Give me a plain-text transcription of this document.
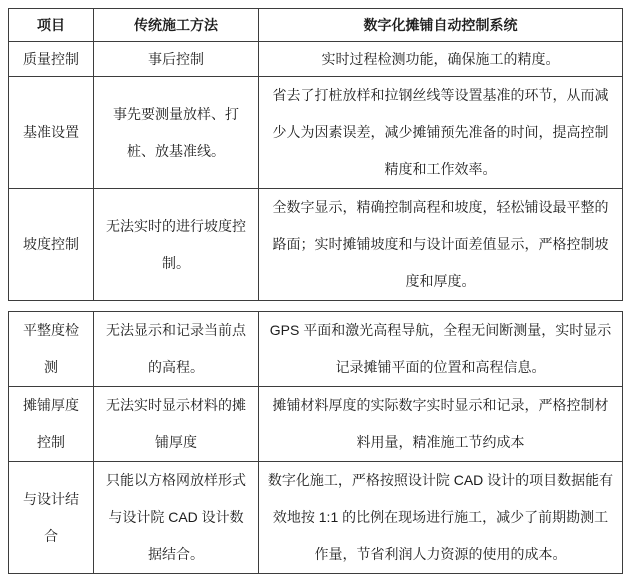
项目	传统施工方法	数字化摊铺自动控制系统
质量控制	事后控制	实时过程检测功能，确保施工的精度。
基准设置	事先要测量放样、打桩、放基准线。	省去了打桩放样和拉钢丝线等设置基准的环节，从而减少人为因素误差，减少摊铺预先准备的时间，提高控制精度和工作效率。
坡度控制	无法实时的进行坡度控制。	全数字显示，精确控制高程和坡度，轻松铺设最平整的路面；实时摊铺坡度和与设计面差值显示，严格控制坡度和厚度。
平整度检测	无法显示和记录当前点的高程。	GPS 平面和激光高程导航，全程无间断测量，实时显示记录摊铺平面的位置和高程信息。
摊铺厚度控制	无法实时显示材料的摊铺厚度	摊铺材料厚度的实际数字实时显示和记录，严格控制材料用量，精准施工节约成本
与设计结合	只能以方格网放样形式与设计院 CAD 设计数据结合。	数字化施工，严格按照设计院 CAD 设计的项目数据能有效地按 1:1 的比例在现场进行施工，减少了前期勘测工作量，节省利润人力资源的使用的成本。
